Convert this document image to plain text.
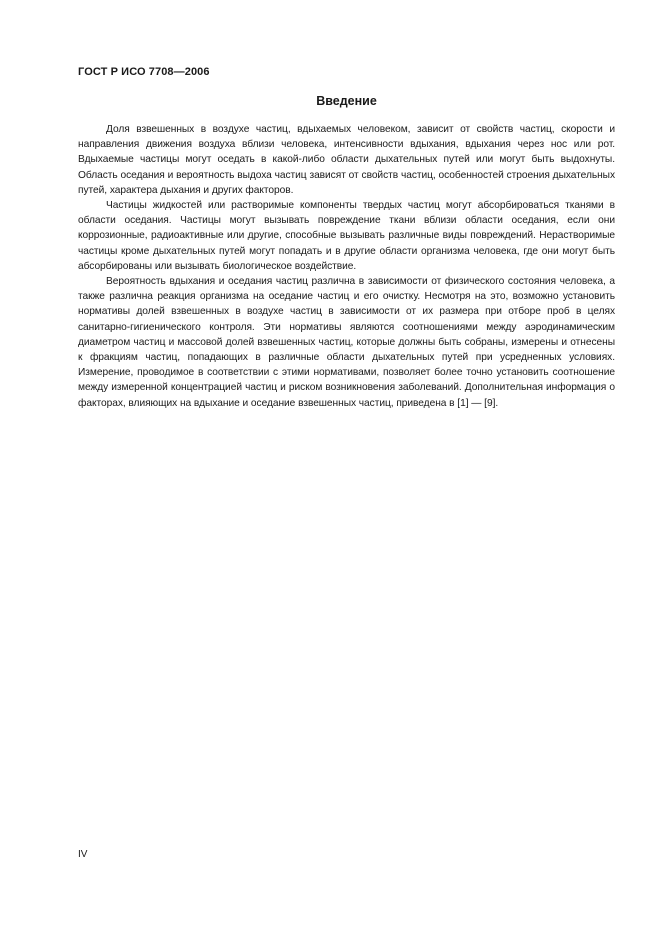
ГОСТ Р ИСО 7708—2006
Введение

Доля взвешенных в воздухе частиц, вдыхаемых человеком, зависит от свойств частиц, скорости и направления движения воздуха вблизи человека, интенсивности вдыхания, вдыхания через нос или рот. Вдыхаемые частицы могут оседать в какой-либо области дыхательных путей или могут быть выдохнуты. Область оседания и вероятность выдоха частиц зависят от свойств частиц, особенностей строения дыхательных путей, характера дыхания и других факторов.

Частицы жидкостей или растворимые компоненты твердых частиц могут абсорбироваться тканями в области оседания. Частицы могут вызывать повреждение ткани вблизи области оседания, если они коррозионные, радиоактивные или другие, способные вызывать различные виды повреждений. Нерастворимые частицы кроме дыхательных путей могут попадать и в другие области организма человека, где они могут быть абсорбированы или вызывать биологическое воздействие.

Вероятность вдыхания и оседания частиц различна в зависимости от физического состояния человека, а также различна реакция организма на оседание частиц и его очистку. Несмотря на это, возможно установить нормативы долей взвешенных в воздухе частиц в зависимости от их размера при отборе проб в целях санитарно-гигиенического контроля. Эти нормативы являются соотношениями между аэродинамическим диаметром частиц и массовой долей взвешенных частиц, которые должны быть собраны, измерены и отнесены к фракциям частиц, попадающих в различные области дыхательных путей при усредненных условиях. Измерение, проводимое в соответствии с этими нормативами, позволяет более точно установить соотношение между измеренной концентрацией частиц и риском возникновения заболеваний. Дополнительная информация о факторах, влияющих на вдыхание и оседание взвешенных частиц, приведена в [1] — [9].

IV
